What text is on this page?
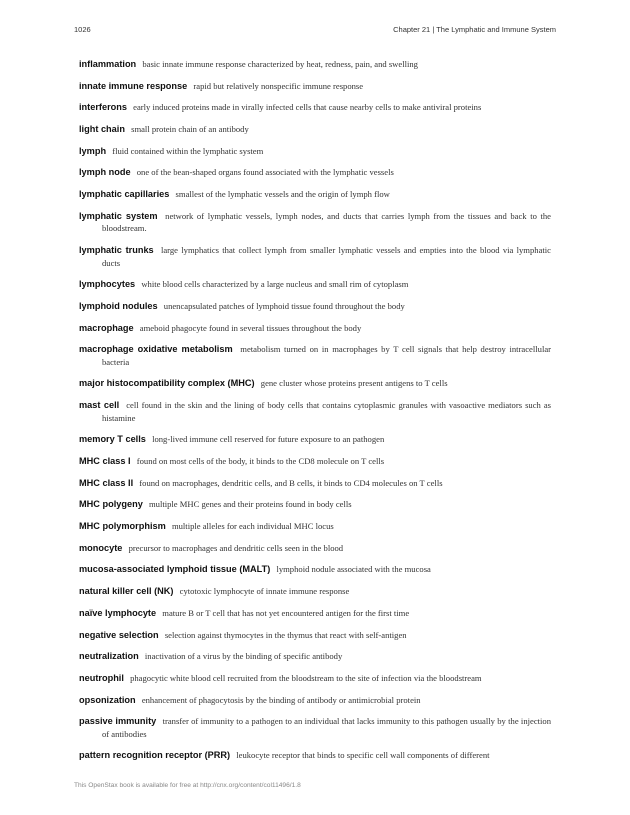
1026	Chapter 21 | The Lymphatic and Immune System

inflammation basic innate immune response characterized by heat, redness, pain, and swelling

innate immune response rapid but relatively nonspecific immune response

interferons early induced proteins made in virally infected cells that cause nearby cells to make antiviral proteins

light chain small protein chain of an antibody

lymph fluid contained within the lymphatic system

lymph node one of the bean-shaped organs found associated with the lymphatic vessels

lymphatic capillaries smallest of the lymphatic vessels and the origin of lymph flow

lymphatic system network of lymphatic vessels, lymph nodes, and ducts that carries lymph from the tissues and back to the bloodstream.

lymphatic trunks large lymphatics that collect lymph from smaller lymphatic vessels and empties into the blood via lymphatic ducts

lymphocytes white blood cells characterized by a large nucleus and small rim of cytoplasm

lymphoid nodules unencapsulated patches of lymphoid tissue found throughout the body

macrophage ameboid phagocyte found in several tissues throughout the body

macrophage oxidative metabolism metabolism turned on in macrophages by T cell signals that help destroy intracellular bacteria

major histocompatibility complex (MHC) gene cluster whose proteins present antigens to T cells

mast cell cell found in the skin and the lining of body cells that contains cytoplasmic granules with vasoactive mediators such as histamine

memory T cells long-lived immune cell reserved for future exposure to an pathogen

MHC class I found on most cells of the body, it binds to the CD8 molecule on T cells

MHC class II found on macrophages, dendritic cells, and B cells, it binds to CD4 molecules on T cells

MHC polygeny multiple MHC genes and their proteins found in body cells

MHC polymorphism multiple alleles for each individual MHC locus

monocyte precursor to macrophages and dendritic cells seen in the blood

mucosa-associated lymphoid tissue (MALT) lymphoid nodule associated with the mucosa

natural killer cell (NK) cytotoxic lymphocyte of innate immune response

naïve lymphocyte mature B or T cell that has not yet encountered antigen for the first time

negative selection selection against thymocytes in the thymus that react with self-antigen

neutralization inactivation of a virus by the binding of specific antibody

neutrophil phagocytic white blood cell recruited from the bloodstream to the site of infection via the bloodstream

opsonization enhancement of phagocytosis by the binding of antibody or antimicrobial protein

passive immunity transfer of immunity to a pathogen to an individual that lacks immunity to this pathogen usually by the injection of antibodies

pattern recognition receptor (PRR) leukocyte receptor that binds to specific cell wall components of different

This OpenStax book is available for free at http://cnx.org/content/col11496/1.8
